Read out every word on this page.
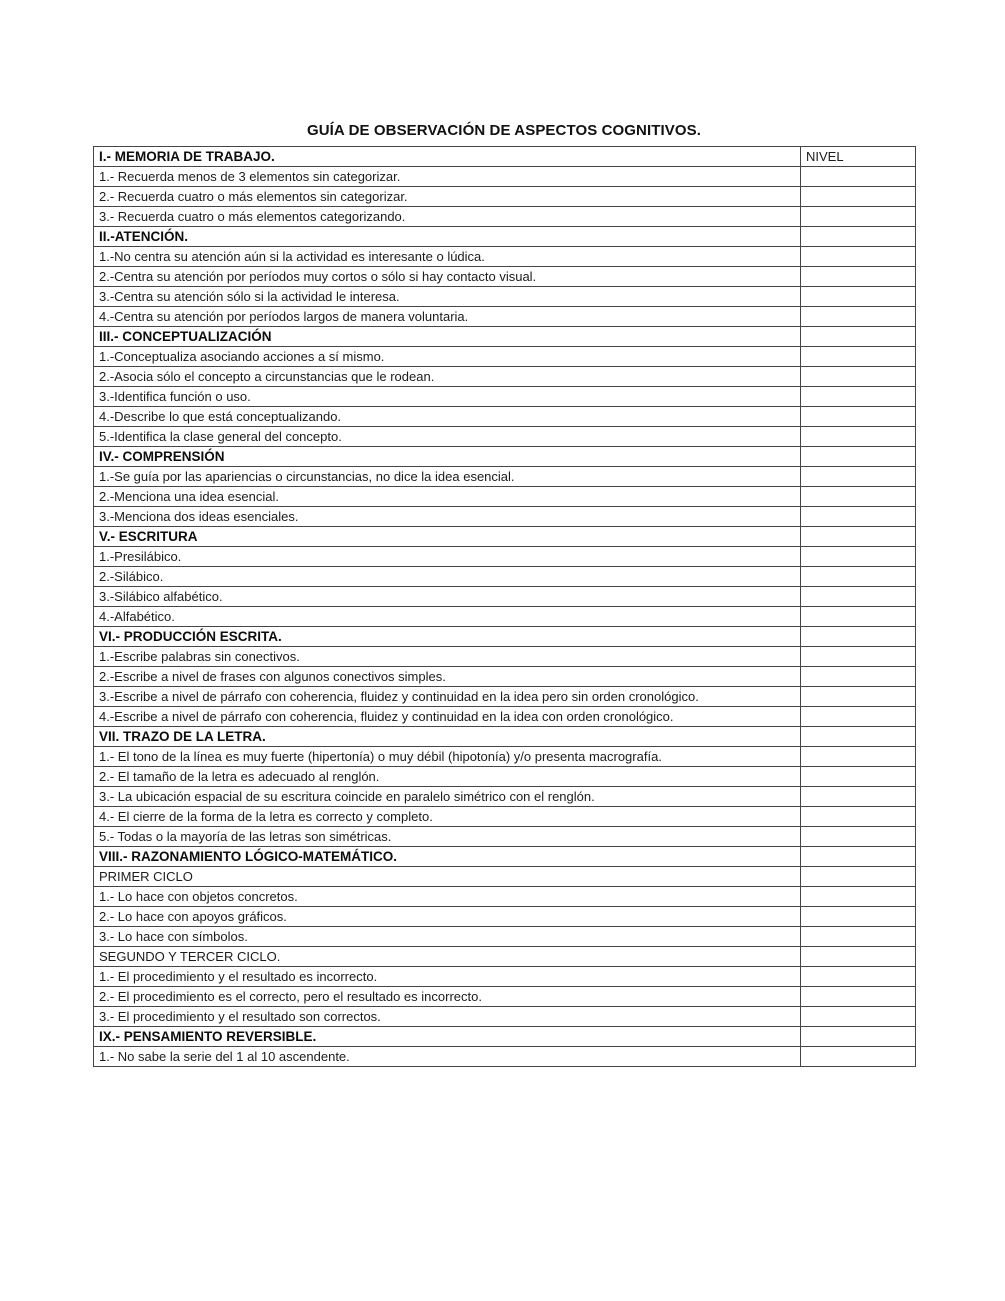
GUÍA DE OBSERVACIÓN DE ASPECTOS COGNITIVOS.
I.- MEMORIA DE TRABAJO.	NIVEL
1.- Recuerda menos de 3 elementos sin categorizar.	
2.- Recuerda cuatro o más elementos sin categorizar.	
3.- Recuerda cuatro o más elementos categorizando.	
II.-ATENCIÓN.	
1.-No centra su atención aún si la actividad es interesante o lúdica.	
2.-Centra su atención por períodos muy cortos o sólo si hay contacto visual.	
3.-Centra su atención sólo si la actividad le interesa.	
4.-Centra su atención por períodos largos de manera voluntaria.	
III.- CONCEPTUALIZACIÓN	
1.-Conceptualiza asociando acciones a sí mismo.	
2.-Asocia sólo el concepto a circunstancias que le rodean.	
3.-Identifica función o uso.	
4.-Describe lo que está conceptualizando.	
5.-Identifica la clase general del concepto.	
IV.- COMPRENSIÓN	
1.-Se guía por las apariencias o circunstancias, no dice la idea esencial.	
2.-Menciona una idea esencial.	
3.-Menciona dos ideas esenciales.	
V.- ESCRITURA	
1.-Presilábico.	
2.-Silábico.	
3.-Silábico alfabético.	
4.-Alfabético.	
VI.- PRODUCCIÓN ESCRITA.	
1.-Escribe palabras sin conectivos.	
2.-Escribe a nivel de frases con algunos conectivos simples.	
3.-Escribe a nivel de párrafo con coherencia, fluidez y continuidad en la idea pero sin orden cronológico.	
4.-Escribe a nivel de párrafo con coherencia, fluidez y continuidad en la idea con orden cronológico.	
VII. TRAZO DE LA LETRA.	
1.- El tono de la línea es muy fuerte (hipertonía) o muy débil (hipotonía) y/o presenta macrografía.	
2.- El tamaño de la letra es adecuado al renglón.	
3.- La ubicación espacial de su escritura coincide en paralelo simétrico con el renglón.	
4.- El cierre de la forma de la letra es correcto y completo.	
5.- Todas o la mayoría de las letras son simétricas.	
VIII.- RAZONAMIENTO LÓGICO-MATEMÁTICO.	
PRIMER CICLO	
1.- Lo hace con objetos concretos.	
2.- Lo hace con apoyos gráficos.	
3.- Lo hace con símbolos.	
SEGUNDO Y TERCER CICLO.	
1.- El procedimiento y el resultado es incorrecto.	
2.- El procedimiento es el correcto, pero el resultado es incorrecto.	
3.- El procedimiento y el resultado son correctos.	
IX.- PENSAMIENTO REVERSIBLE.	
1.- No sabe la serie del 1 al 10 ascendente.	
